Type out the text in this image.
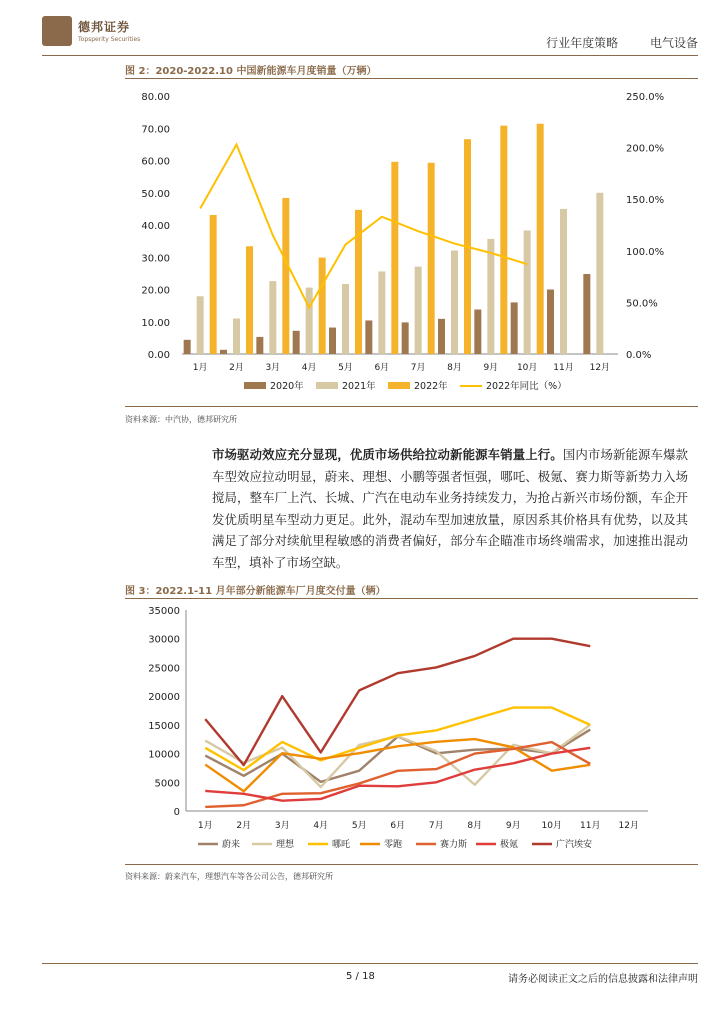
德邦证券
Topsperity Securities	行业年度策略	电气设备
图 2：2020-2022.10 中国新能源车月度销量（万辆）
0.00
10.00
20.00
30.00
40.00
50.00
60.00
70.00
80.00
0.0%
50.0%
100.0%
150.0%
200.0%
250.0%
1月 2月 3月 4月 5月 6月 7月 8月 9月 10月 11月 12月
2020年	2021年	2022年	2022年同比（%）
资料来源：中汽协，德邦研究所
市场驱动效应充分显现，优质市场供给拉动新能源车销量上行。国内市场新能源车爆款车型效应拉动明显，蔚来、理想、小鹏等强者恒强，哪吒、极氪、赛力斯等新势力入场搅局，整车厂上汽、长城、广汽在电动车业务持续发力，为抢占新兴市场份额，车企开发优质明星车型动力更足。此外，混动车型加速放量，原因系其价格具有优势，以及其满足了部分对续航里程敏感的消费者偏好，部分车企瞄准市场终端需求，加速推出混动车型，填补了市场空缺。
图 3：2022.1-11 月年部分新能源车厂月度交付量（辆）
0
5000
10000
15000
20000
25000
30000
35000
1月	2月	3月	4月	5月	6月	7月	8月	9月 10月 11月 12月
蔚来	理想	哪吒	零跑	赛力斯	极氪	广汽埃安
资料来源：蔚来汽车，理想汽车等各公司公告，德邦研究所
5 / 18	请务必阅读正文之后的信息披露和法律声明
